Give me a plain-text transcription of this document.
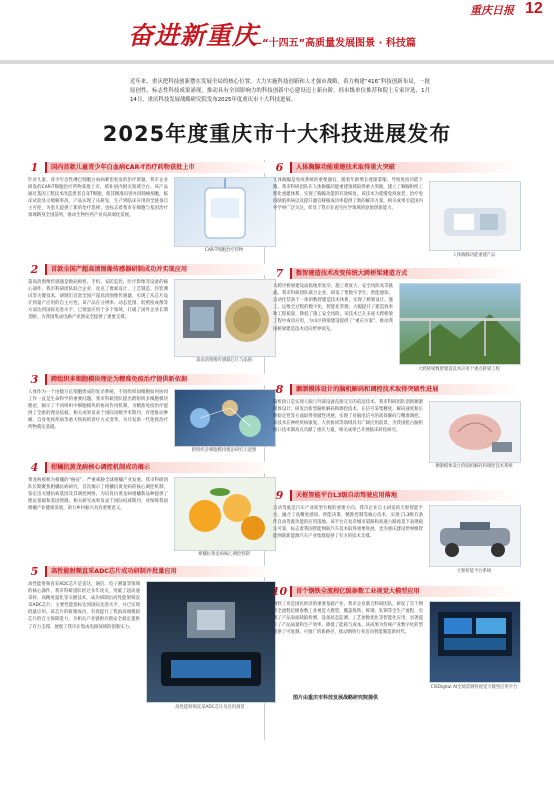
奋进新重庆
—“十四五”高质量发展图景 · 科技篇
重庆日报 12
近年来，重庆把科技创新摆在发展全局的核心位置，大力实施科技创新和人才强市战略，着力构建“416”科技创新布局，一批原创性、标志性科技成果涌现，推动具有全国影响力的科技创新中心建设迈上新台阶。经市级单位推荐和院士专家评选，1月14日，重庆科技发展战略研究院发布2025年度重庆市十大科技进展。
2025年度重庆市十大科技进展发布
1	国内首款儿童青少年白血病CAR-T治疗药物获批上市
针对儿童、青少年急性淋巴细胞白血病难治复发的治疗难题，我市企业研发的CAR-T细胞治疗药物获批上市，填补国内相关领域空白。该产品通过基因工程技术改造患者自身T细胞，使其精准识别并清除癌细胞，临床试验显示缓解率高。产品实现了从研发、生产到临床应用的全链条自主可控，为患儿提供了新的治疗选择，也标志着我市在细胞与基因治疗领域跻身全国前列，推动生物医药产业向高端化发展。
CAR-T细胞治疗药物
2	首款全国产超高清图像传感器研制成功并实现应用
超高清图像传感器是数码相机、手机、安防监控、医疗影像等设备的核心部件。我市科研团队联合企业，攻克了像素设计、工艺制造、封装测试等关键技术，研制出首款全国产超高清图像传感器，实现了从芯片设计到量产应用的自主可控。该产品在分辨率、动态范围、低照度成像等方面达到国际先进水平，已批量应用于多个领域，打破了国外企业长期垄断，为我国集成电路产业链安全提供了重要支撑。
超高清图像传感器芯片与晶圆
3	跨组织多细胞模块理论为精准免疫治疗提供新依据
人体作为一个由数万亿细胞组成的复杂系统，不同组织间细胞如何协同工作一直是生命科学的重要问题。我市科研团队提出跨组织多细胞模块理论，揭示了不同组织中细胞模块的协同作用机制，为精准免疫治疗提供了全新的理论依据。相关成果发表于国际顶级学术期刊，有望推动肿瘤、自身免疫疾病等重大疾病的诊疗方式变革，为开发新一代免疫治疗药物奠定基础。
跨组织多细胞模块理论研究示意图
4	柑橘抗黄龙病核心调控机制成功揭示
黄龙病被称为柑橘的“癌症”，严重威胁全球柑橘产业发展。我市科研团队长期聚焦柑橘抗病研究，首次揭示了柑橘抗黄龙病的核心调控机制，鉴定出关键抗病基因及其调控网络，为培育抗黄龙病柑橘新品种提供了理论基础和基因资源。相关研究成果发表于国际权威期刊，对保障我国柑橘产业健康发展、助力乡村振兴具有重要意义。
柑橘抗黄龙病核心调控机制
5	高性能射频直采ADC芯片成功研制并批量应用
高性能射频直采ADC芯片是雷达、通信、电子测量等领域的核心器件。我市科研团队经过多年攻关，突破了超高速采样、高精度量化等关键技术，成功研制出高性能射频直采ADC芯片，主要性能指标达到国际先进水平，并已实现批量应用。该芯片的研制成功，有效提升了我国高端模拟芯片的自主保障能力，为相关产业链供应链安全稳定提供了有力支撑，展现了我市在集成电路领域的创新实力。
高性能射频直采ADC芯片及应用场景
6	人体胸腺功能重建技术取得重大突破
人体胸腺是免疫系统的重要器官，随着年龄增长逐渐萎缩，导致免疫功能下降。我市科研团队在人体胸腺功能重建领域取得重大突破，建立了胸腺组织工程化重建体系，实现了胸腺功能的有效恢复。该技术为延缓免疫衰老、治疗免疫缺陷疾病以及提升器官移植成功率提供了新的解决方案，相关成果引起国内外学界广泛关注，彰显了我市在再生医学领域的原始创新能力。
人体胸腺功能重建产品
7	数智建造技术改变传统大跨桥梁建造方式
大跨径桥梁建设面临地形复杂、施工难度大、安全风险高等挑战。我市科研团队联合企业，研发了集数字孪生、智能感知、自动化装备于一体的数智建造技术体系，实现了桥梁设计、施工、运维全过程的数字化、智能化管理，大幅提升了建造效率和工程质量，降低了施工安全风险。该技术已在多座大跨桥梁工程中成功应用，为山区桥梁建设提供了“重庆方案”，推动我国桥梁建造技术迈向世界领先。
大跨桥梁数智建造技术应用于重点桥梁工程
8	颞颌模体设计的脑机解码和调控技术取得突破性进展
脑机接口是实现人脑与外部设备直接交互的前沿技术。我市科研团队创新颞颌模体设计，研发出新型脑机解码和调控技术，在信号采集精度、解码速度和长期稳定性等方面取得突破性进展，实现了对脑电信号的高效解码与精准调控。该技术在神经疾病康复、人机协同等领域具有广阔应用前景，为我国抢占脑机接口技术制高点贡献了重庆力量，相关成果已开展临床转化研究。
颞颌模体设计的脑机解码和调控技术系统
9	天枢智能平台L3级自动驾驶应用落地
自动驾驶是汽车产业转型升级的重要方向。我市企业自主研发的天枢智能平台，融合了高精度感知、智能决策、精准控制等核心技术，实现了L3级有条件自动驾驶功能的应用落地。该平台在复杂城市道路和高速公路场景下表现稳定可靠，标志着我国智能网联汽车技术取得重要进展，也为重庆建设世界级智能网联新能源汽车产业集群提供了有力的技术支撑。
天枢智能平台系统
10	首个钢铁全流程亿级参数工业视觉大模型应用
钢铁工业是国民经济的重要基础产业。我市企业联合科研团队，研发了首个钢铁全流程亿级参数工业视觉大模型，覆盖炼铁、炼钢、轧钢等全生产流程，实现了产品表面缺陷检测、设备状态监测、工艺参数优化等智能化应用，显著提升了产品质量和生产效率，降低了能耗与成本。该成果为传统产业数字化转型提供了可复制、可推广的新路径，推动钢铁行业迈向智能制造新时代。
CISDigital AI全场景钢铁视觉大模型应用平台
图片由重庆市科技发展战略研究院提供
